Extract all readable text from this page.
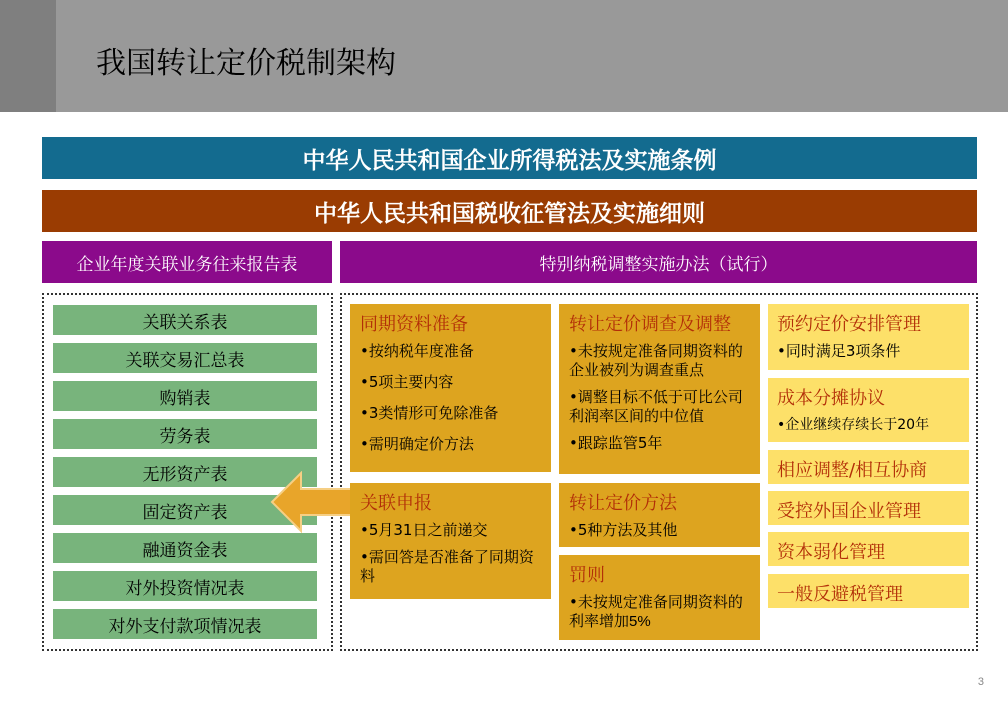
我国转让定价税制架构
中华人民共和国企业所得税法及实施条例
中华人民共和国税收征管法及实施细则
企业年度关联业务往来报告表	特别纳税调整实施办法（试行）
关联关系表
关联交易汇总表
购销表
劳务表
无形资产表
固定资产表
融通资金表
对外投资情况表
对外支付款项情况表
同期资料准备
•按纳税年度准备
•5项主要内容
•3类情形可免除准备
•需明确定价方法
关联申报
•5月31日之前递交
•需回答是否准备了同期资料
转让定价调查及调整
•未按规定准备同期资料的企业被列为调查重点
•调整目标不低于可比公司利润率区间的中位值
•跟踪监管5年
转让定价方法
•5种方法及其他
罚则
•未按规定准备同期资料的利率增加5%
预约定价安排管理
•同时满足3项条件
成本分摊协议
•企业继续存续长于20年
相应调整/相互协商
受控外国企业管理
资本弱化管理
一般反避税管理
3
